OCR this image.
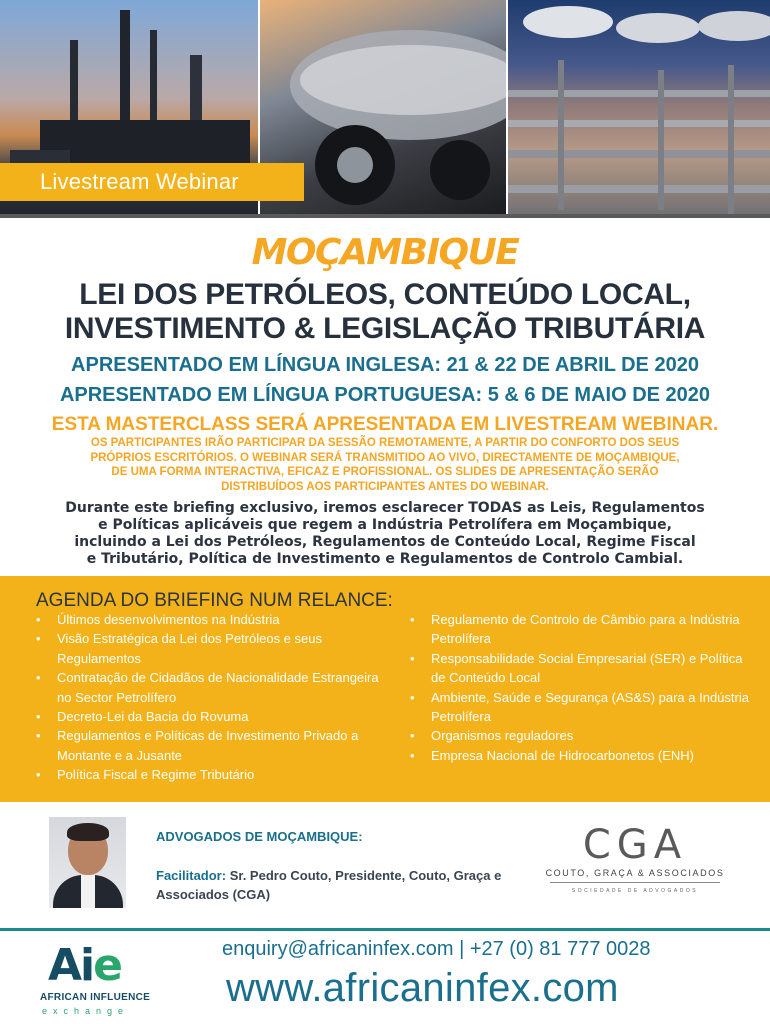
Livestream Webinar
MOÇAMBIQUE
LEI DOS PETRÓLEOS, CONTEÚDO LOCAL,
INVESTIMENTO & LEGISLAÇÃO TRIBUTÁRIA
APRESENTADO EM LÍNGUA INGLESA: 21 & 22 DE ABRIL DE 2020
APRESENTADO EM LÍNGUA PORTUGUESA: 5 & 6 DE MAIO DE 2020
ESTA MASTERCLASS SERÁ APRESENTADA EM LIVESTREAM WEBINAR.
OS PARTICIPANTES IRÃO PARTICIPAR DA SESSÃO REMOTAMENTE, A PARTIR DO CONFORTO DOS SEUS
PRÓPRIOS ESCRITÓRIOS. O WEBINAR SERÁ TRANSMITIDO AO VIVO, DIRECTAMENTE DE MOÇAMBIQUE,
DE UMA FORMA INTERACTIVA, EFICAZ E PROFISSIONAL. OS SLIDES DE APRESENTAÇÃO SERÃO
DISTRIBUÍDOS AOS PARTICIPANTES ANTES DO WEBINAR.
Durante este briefing exclusivo, iremos esclarecer TODAS as Leis, Regulamentos
e Políticas aplicáveis que regem a Indústria Petrolífera em Moçambique,
incluindo a Lei dos Petróleos, Regulamentos de Conteúdo Local, Regime Fiscal
e Tributário, Política de Investimento e Regulamentos de Controlo Cambial.
AGENDA DO BRIEFING NUM RELANCE:
• Últimos desenvolvimentos na Indústria
• Visão Estratégica da Lei dos Petróleos e seus Regulamentos
• Contratação de Cidadãos de Nacionalidade Estrangeira no Sector Petrolífero
• Decreto-Lei da Bacia do Rovuma
• Regulamentos e Políticas de Investimento Privado a Montante e a Jusante
• Política Fiscal e Regime Tributário
• Regulamento de Controlo de Câmbio para a Indústria Petrolífera
• Responsabilidade Social Empresarial (SER) e Política de Conteúdo Local
• Ambiente, Saúde e Segurança (AS&S) para a Indústria Petrolífera
• Organismos reguladores
• Empresa Nacional de Hidrocarbonetos (ENH)
ADVOGADOS DE MOÇAMBIQUE:
Facilitador: Sr. Pedro Couto, Presidente, Couto, Graça e Associados (CGA)
CGA
COUTO, GRAÇA & ASSOCIADOS
SOCIEDADE DE ADVOGADOS
Aie
AFRICAN INFLUENCE
exchange
enquiry@africaninfex.com | +27 (0) 81 777 0028
www.africaninfex.com
